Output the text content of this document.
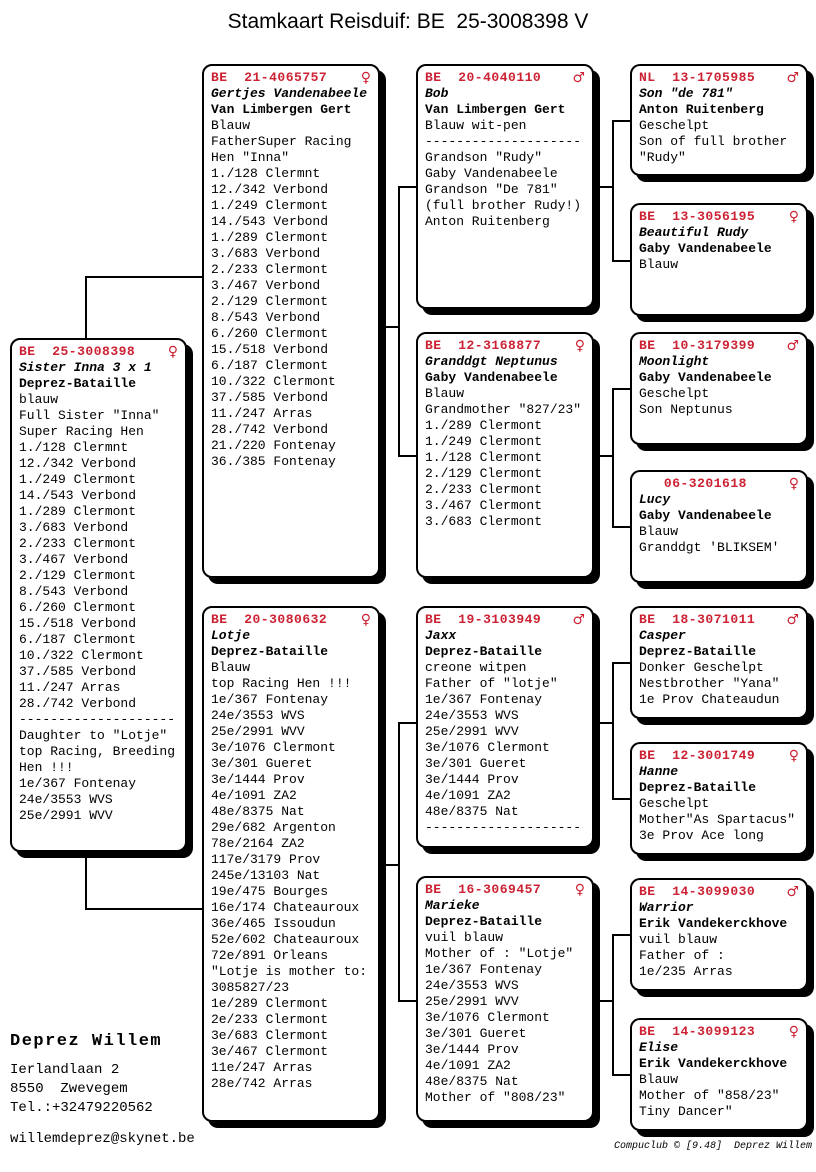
Stamkaart Reisduif: BE  25-3008398 V
BE  25-3008398 ♀
Sister Inna 3 x 1
Deprez-Bataille
blauw
Full Sister "Inna"
Super Racing Hen
1./128 Clermnt
12./342 Verbond
1./249 Clermont
14./543 Verbond
1./289 Clermont
3./683 Verbond
2./233 Clermont
3./467 Verbond
2./129 Clermont
8./543 Verbond
6./260 Clermont
15./518 Verbond
6./187 Clermont
10./322 Clermont
37./585 Verbond
11./247 Arras
28./742 Verbond
--------------------
Daughter to "Lotje"
top Racing, Breeding
Hen !!!
1e/367 Fontenay
24e/3553 WVS
25e/2991 WVV
BE  21-4065757 ♀
Gertjes Vandenabeele
Van Limbergen Gert
Blauw
FatherSuper Racing
Hen "Inna"
1./128 Clermnt
12./342 Verbond
1./249 Clermont
14./543 Verbond
1./289 Clermont
3./683 Verbond
2./233 Clermont
3./467 Verbond
2./129 Clermont
8./543 Verbond
6./260 Clermont
15./518 Verbond
6./187 Clermont
10./322 Clermont
37./585 Verbond
11./247 Arras
28./742 Verbond
21./220 Fontenay
36./385 Fontenay
BE  20-3080632 ♀
Lotje
Deprez-Bataille
Blauw
top Racing Hen !!!
1e/367 Fontenay
24e/3553 WVS
25e/2991 WVV
3e/1076 Clermont
3e/301 Gueret
3e/1444 Prov
4e/1091 ZA2
48e/8375 Nat
29e/682 Argenton
78e/2164 ZA2
117e/3179 Prov
245e/13103 Nat
19e/475 Bourges
16e/174 Chateauroux
36e/465 Issoudun
52e/602 Chateauroux
72e/891 Orleans
"Lotje is mother to:
3085827/23
1e/289 Clermont
2e/233 Clermont
3e/683 Clermont
3e/467 Clermont
11e/247 Arras
28e/742 Arras
BE  20-4040110 ♂
Bob
Van Limbergen Gert
Blauw wit-pen
--------------------
Grandson "Rudy"
Gaby Vandenabeele
Grandson "De 781"
(full brother Rudy!)
Anton Ruitenberg
BE  12-3168877 ♀
Granddgt Neptunus
Gaby Vandenabeele
Blauw
Grandmother "827/23"
1./289 Clermont
1./249 Clermont
1./128 Clermont
2./129 Clermont
2./233 Clermont
3./467 Clermont
3./683 Clermont
BE  19-3103949 ♂
Jaxx
Deprez-Bataille
creone witpen
Father of "lotje"
1e/367 Fontenay
24e/3553 WVS
25e/2991 WVV
3e/1076 Clermont
3e/301 Gueret
3e/1444 Prov
4e/1091 ZA2
48e/8375 Nat
--------------------
BE  16-3069457 ♀
Marieke
Deprez-Bataille
vuil blauw
Mother of : "Lotje"
1e/367 Fontenay
24e/3553 WVS
25e/2991 WVV
3e/1076 Clermont
3e/301 Gueret
3e/1444 Prov
4e/1091 ZA2
48e/8375 Nat
Mother of "808/23"
NL  13-1705985 ♂
Son "de 781"
Anton Ruitenberg
Geschelpt
Son of full brother
"Rudy"
BE  13-3056195 ♀
Beautiful Rudy
Gaby Vandenabeele
Blauw
BE  10-3179399 ♂
Moonlight
Gaby Vandenabeele
Geschelpt
Son Neptunus
06-3201618	♀
Lucy
Gaby Vandenabeele
Blauw
Granddgt 'BLIKSEM'
BE  18-3071011 ♂
Casper
Deprez-Bataille
Donker Geschelpt
Nestbrother "Yana"
1e Prov Chateaudun
BE  12-3001749 ♀
Hanne
Deprez-Bataille
Geschelpt
Mother"As Spartacus"
3e Prov Ace long
BE  14-3099030 ♂
Warrior
Erik Vandekerckhove
vuil blauw
Father of :
1e/235 Arras
BE  14-3099123 ♀
Elise
Erik Vandekerckhove
Blauw
Mother of "858/23"
Tiny Dancer"
Deprez Willem
Ierlandlaan 2
8550  Zwevegem
Tel.:+32479220562
willemdeprez@skynet.be	Compuclub © [9.48]  Deprez Willem
